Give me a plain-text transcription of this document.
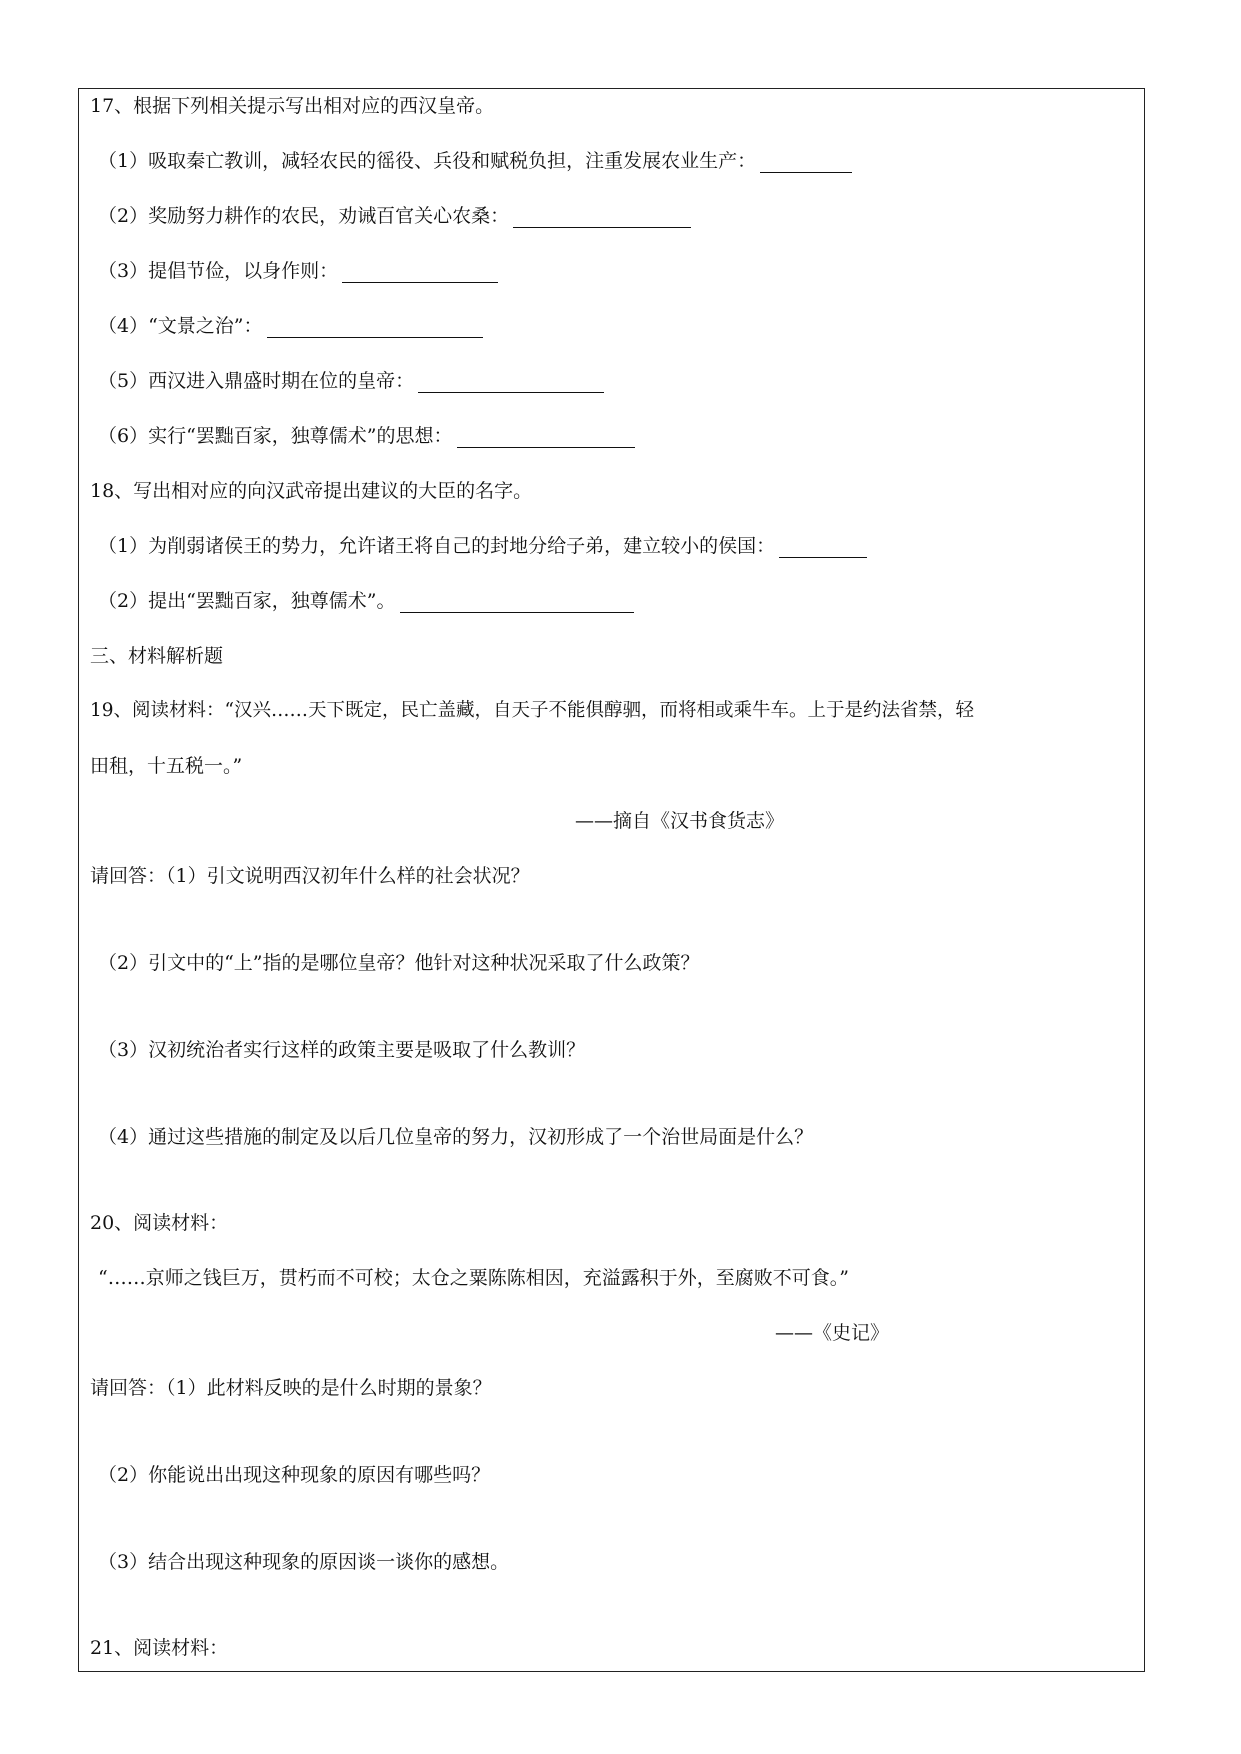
17、根据下列相关提示写出相对应的西汉皇帝。
（1）吸取秦亡教训，减轻农民的徭役、兵役和赋税负担，注重发展农业生产：
（2）奖励努力耕作的农民，劝诫百官关心农桑：
（3）提倡节俭，以身作则：
（4）“文景之治”：
（5）西汉进入鼎盛时期在位的皇帝：
（6）实行“罢黜百家，独尊儒术”的思想：
18、写出相对应的向汉武帝提出建议的大臣的名字。
（1）为削弱诸侯王的势力，允许诸王将自己的封地分给子弟，建立较小的侯国：
（2）提出“罢黜百家，独尊儒术”。
三、材料解析题
19、阅读材料：“汉兴……天下既定，民亡盖藏，自天子不能俱醇驷，而将相或乘牛车。上于是约法省禁，轻
田租，十五税一。”
——摘自《汉书食货志》
请回答：（1）引文说明西汉初年什么样的社会状况？
（2）引文中的“上”指的是哪位皇帝？他针对这种状况采取了什么政策？
（3）汉初统治者实行这样的政策主要是吸取了什么教训？
（4）通过这些措施的制定及以后几位皇帝的努力，汉初形成了一个治世局面是什么？
20、阅读材料：
“……京师之钱巨万，贯朽而不可校；太仓之粟陈陈相因，充溢露积于外，至腐败不可食。”
——《史记》
请回答：（1）此材料反映的是什么时期的景象？
（2）你能说出出现这种现象的原因有哪些吗？
（3）结合出现这种现象的原因谈一谈你的感想。
21、阅读材料：
